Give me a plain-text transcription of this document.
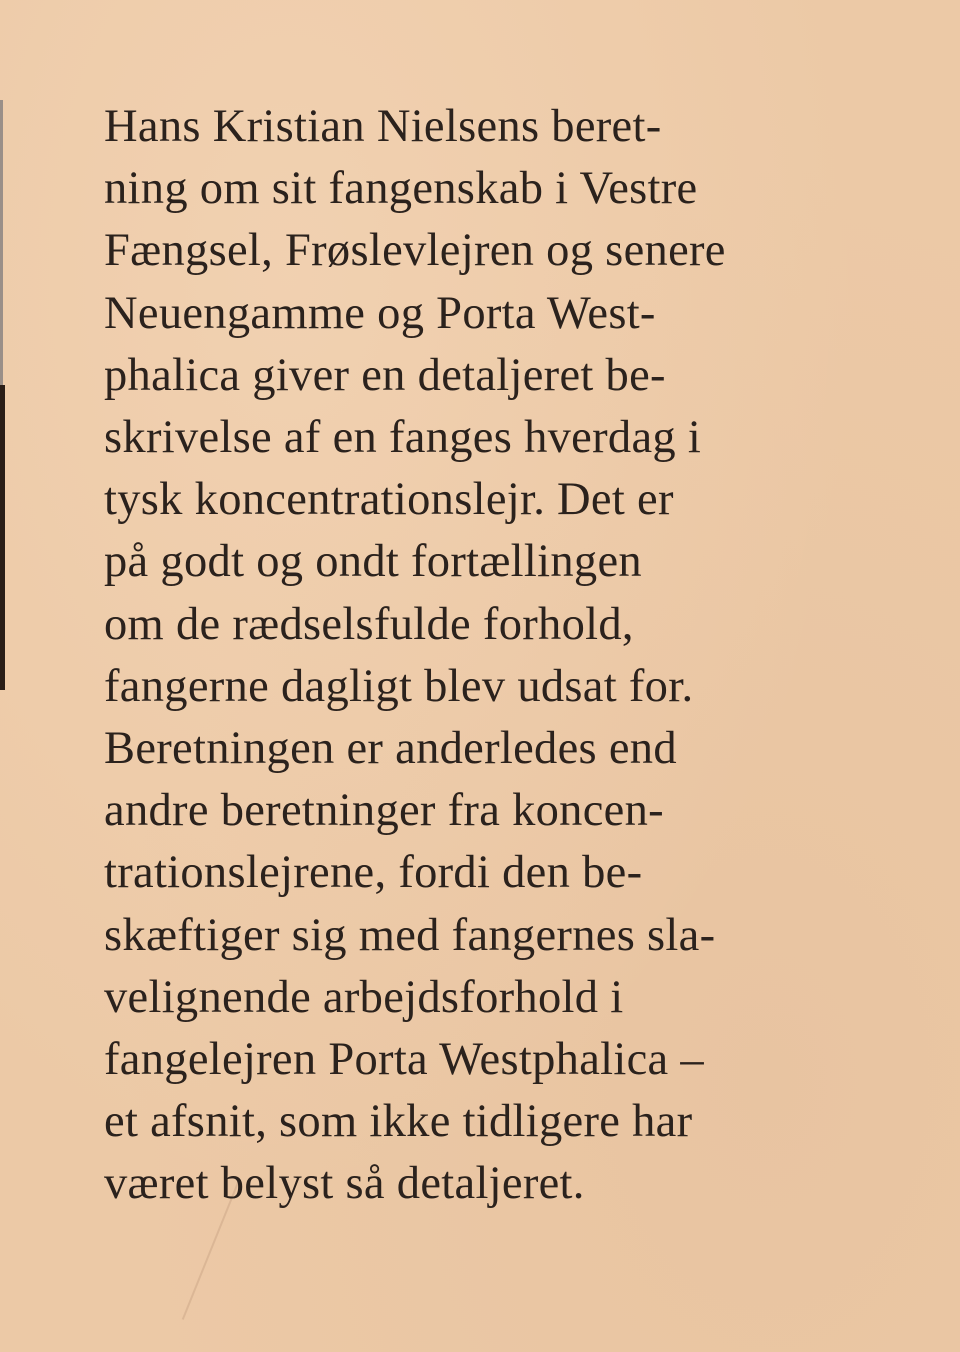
Hans Kristian Nielsens beret-
ning om sit fangenskab i Vestre
Fængsel, Frøslevlejren og senere
Neuengamme og Porta West-
phalica giver en detaljeret be-
skrivelse af en fanges hverdag i
tysk koncentrationslejr. Det er
på godt og ondt fortællingen
om de rædselsfulde forhold,
fangerne dagligt blev udsat for.
Beretningen er anderledes end
andre beretninger fra koncen-
trationslejrene, fordi den be-
skæftiger sig med fangernes sla-
velignende arbejdsforhold i
fangelejren Porta Westphalica –
et afsnit, som ikke tidligere har
været belyst så detaljeret.
